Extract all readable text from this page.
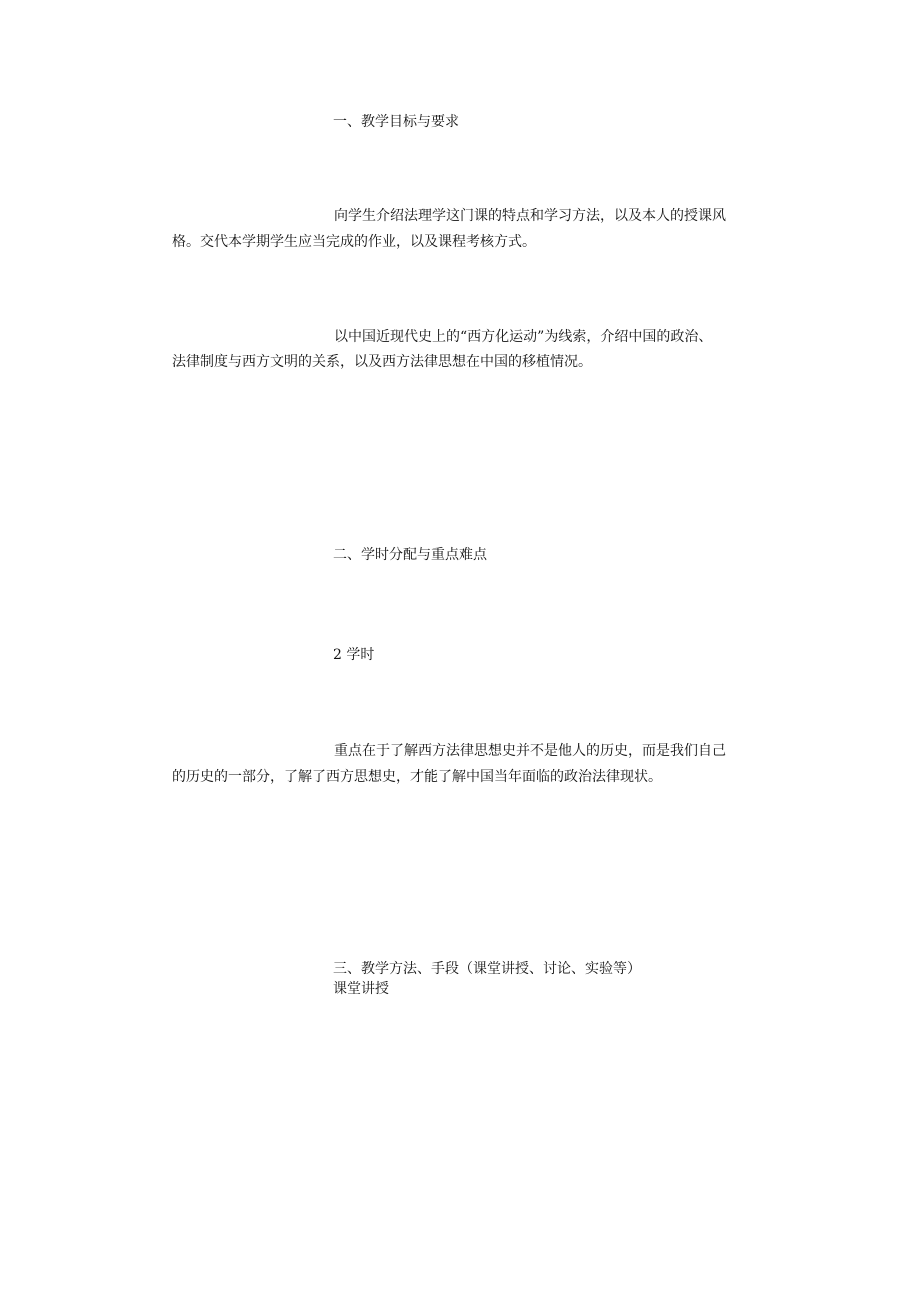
一、教学目标与要求

向学生介绍法理学这门课的特点和学习方法，以及本人的授课风

格。交代本学期学生应当完成的作业，以及课程考核方式。

以中国近现代史上的“西方化运动”为线索，介绍中国的政治、

法律制度与西方文明的关系，以及西方法律思想在中国的移植情况。

二、学时分配与重点难点

2 学时

重点在于了解西方法律思想史并不是他人的历史，而是我们自己

的历史的一部分，了解了西方思想史，才能了解中国当年面临的政治法律现状。

三、教学方法、手段（课堂讲授、讨论、实验等）

课堂讲授
